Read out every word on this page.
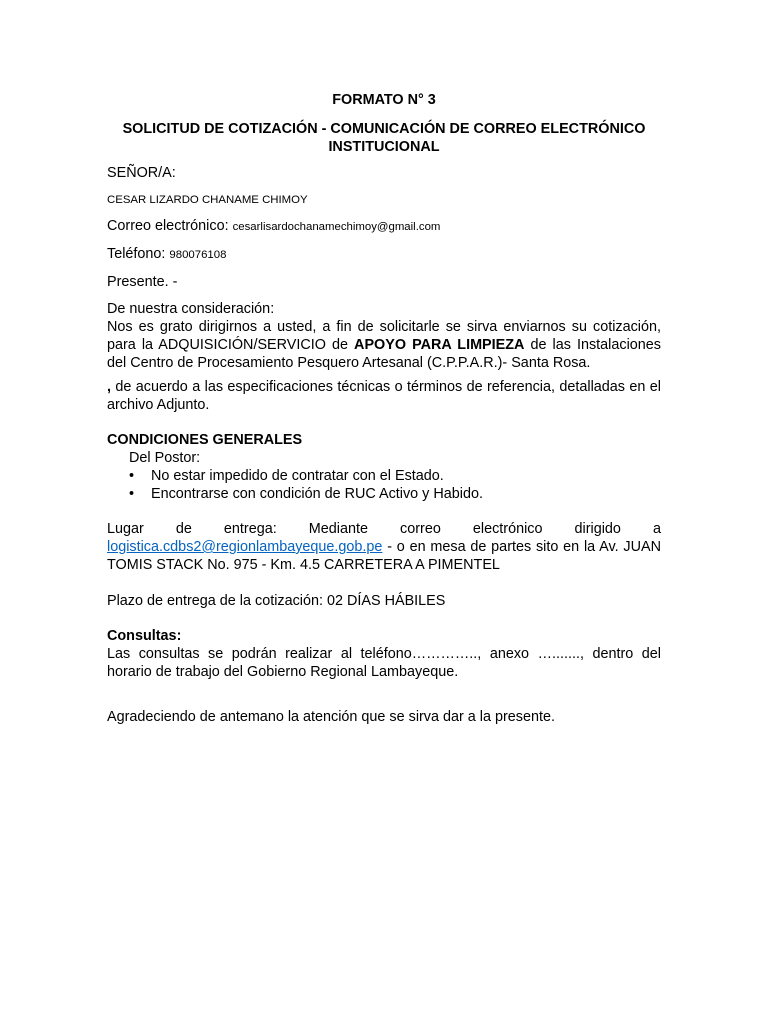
FORMATO N° 3
SOLICITUD DE COTIZACIÓN - COMUNICACIÓN DE CORREO ELECTRÓNICO
INSTITUCIONAL
SEÑOR/A:
CESAR LIZARDO CHANAME CHIMOY
Correo electrónico: cesarlisardochanamechimoy@gmail.com
Teléfono: 980076108
Presente. -
De nuestra consideración:
Nos es grato dirigirnos a usted, a fin de solicitarle se sirva enviarnos su cotización, para la ADQUISICIÓN/SERVICIO de APOYO PARA LIMPIEZA de las Instalaciones del Centro de Procesamiento Pesquero Artesanal (C.P.P.A.R.)- Santa Rosa.
, de acuerdo a las especificaciones técnicas o términos de referencia, detalladas en el archivo Adjunto.
CONDICIONES GENERALES
Del Postor:
• No estar impedido de contratar con el Estado.
• Encontrarse con condición de RUC Activo y Habido.
Lugar de entrega: Mediante correo electrónico dirigido a
logistica.cdbs2@regionlambayeque.gob.pe - o en mesa de partes sito en la Av. JUAN TOMIS STACK No. 975 - Km. 4.5 CARRETERA A PIMENTEL
Plazo de entrega de la cotización: 02 DÍAS HÁBILES
Consultas:
Las consultas se podrán realizar al teléfono………….., anexo …......., dentro del horario de trabajo del Gobierno Regional Lambayeque.
Agradeciendo de antemano la atención que se sirva dar a la presente.
